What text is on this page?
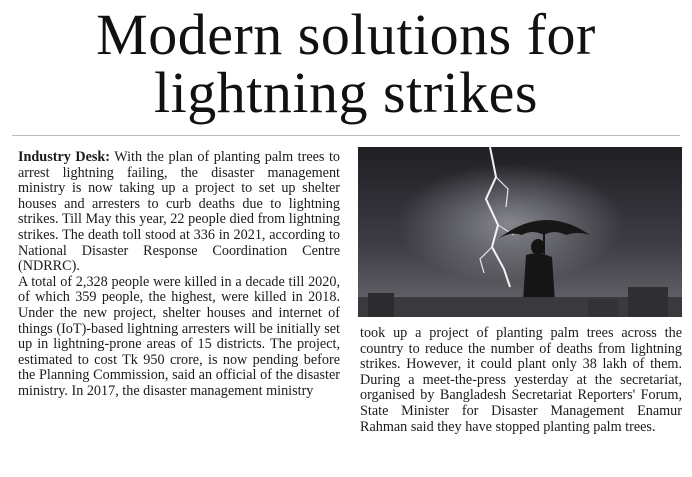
Modern solutions for
lightning strikes

Industry Desk: With the plan of planting palm trees to arrest lightning failing, the disaster management ministry is now taking up a project to set up shelter houses and arresters to curb deaths due to lightning strikes. Till May this year, 22 people died from lightning strikes. The death toll stood at 336 in 2021, according to National Disaster Response Coordination Centre (NDRRC).

A total of 2,328 people were killed in a decade till 2020, of which 359 people, the highest, were killed in 2018. Under the new project, shelter houses and internet of things (IoT)-based lightning arresters will be initially set up in lightning-prone areas of 15 districts. The project, estimated to cost Tk 950 crore, is now pending before the Planning Commission, said an official of the disaster ministry. In 2017, the disaster management ministry

took up a project of planting palm trees across the country to reduce the number of deaths from lightning strikes. However, it could plant only 38 lakh of them. During a meet-the-press yesterday at the secretariat, organised by Bangladesh Secretariat Reporters' Forum, State Minister for Disaster Management Enamur Rahman said they have stopped planting palm trees.
